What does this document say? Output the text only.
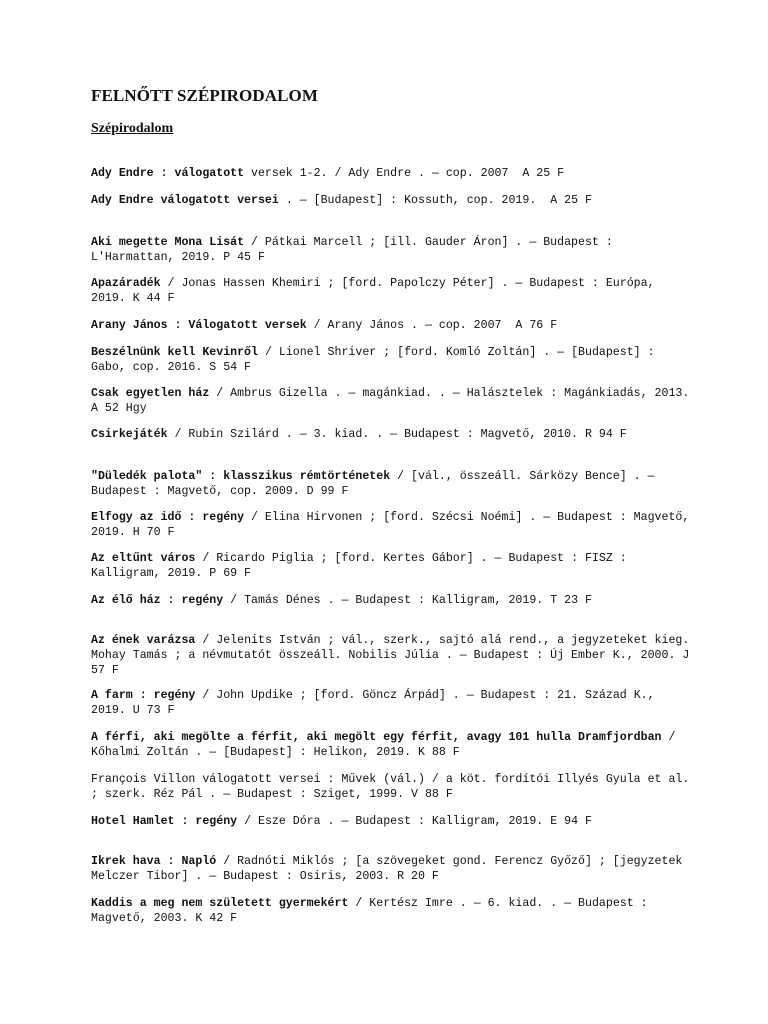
FELNŐTT SZÉPIRODALOM
Szépirodalom

Ady Endre : válogatott versek 1-2. / Ady Endre . — cop. 2007  A 25 F

Ady Endre válogatott versei . — [Budapest] : Kossuth, cop. 2019.  A 25 F

Aki megette Mona Lisát / Pátkai Marcell ; [ill. Gauder Áron] . — Budapest : L'Harmattan, 2019. P 45 F

Apazáradék / Jonas Hassen Khemiri ; [ford. Papolczy Péter] . — Budapest : Európa, 2019. K 44 F

Arany János : Válogatott versek / Arany János . — cop. 2007  A 76 F

Beszélnünk kell Kevinről / Lionel Shriver ; [ford. Komló Zoltán] . — [Budapest] : Gabo, cop. 2016. S 54 F

Csak egyetlen ház / Ambrus Gizella . — magánkiad. . — Halásztelek : Magánkiadás, 2013. A 52 Hgy

Csirkejáték / Rubin Szilárd . — 3. kiad. . — Budapest : Magvető, 2010. R 94 F

"Düledék palota" : klasszikus rémtörténetek / [vál., összeáll. Sárközy Bence] . — Budapest : Magvető, cop. 2009. D 99 F

Elfogy az idő : regény / Elina Hirvonen ; [ford. Szécsi Noémi] . — Budapest : Magvető, 2019. H 70 F

Az eltűnt város / Ricardo Piglia ; [ford. Kertes Gábor] . — Budapest : FISZ : Kalligram, 2019. P 69 F

Az élő ház : regény / Tamás Dénes . — Budapest : Kalligram, 2019. T 23 F

Az ének varázsa / Jelenits István ; vál., szerk., sajtó alá rend., a jegyzeteket kieg. Mohay Tamás ; a névmutatót összeáll. Nobilis Júlia . — Budapest : Új Ember K., 2000. J 57 F

A farm : regény / John Updike ; [ford. Göncz Árpád] . — Budapest : 21. Század K., 2019. U 73 F

A férfi, aki megölte a férfit, aki megölt egy férfit, avagy 101 hulla Dramfjordban / Kőhalmi Zoltán . — [Budapest] : Helikon, 2019. K 88 F

François Villon válogatott versei : Művek (vál.) / a köt. fordítói Illyés Gyula et al. ; szerk. Réz Pál . — Budapest : Sziget, 1999. V 88 F

Hotel Hamlet : regény / Esze Dóra . — Budapest : Kalligram, 2019. E 94 F

Ikrek hava : Napló / Radnóti Miklós ; [a szövegeket gond. Ferencz Győző] ; [jegyzetek Melczer Tibor] . — Budapest : Osiris, 2003. R 20 F

Kaddis a meg nem született gyermekért / Kertész Imre . — 6. kiad. . — Budapest : Magvető, 2003. K 42 F
